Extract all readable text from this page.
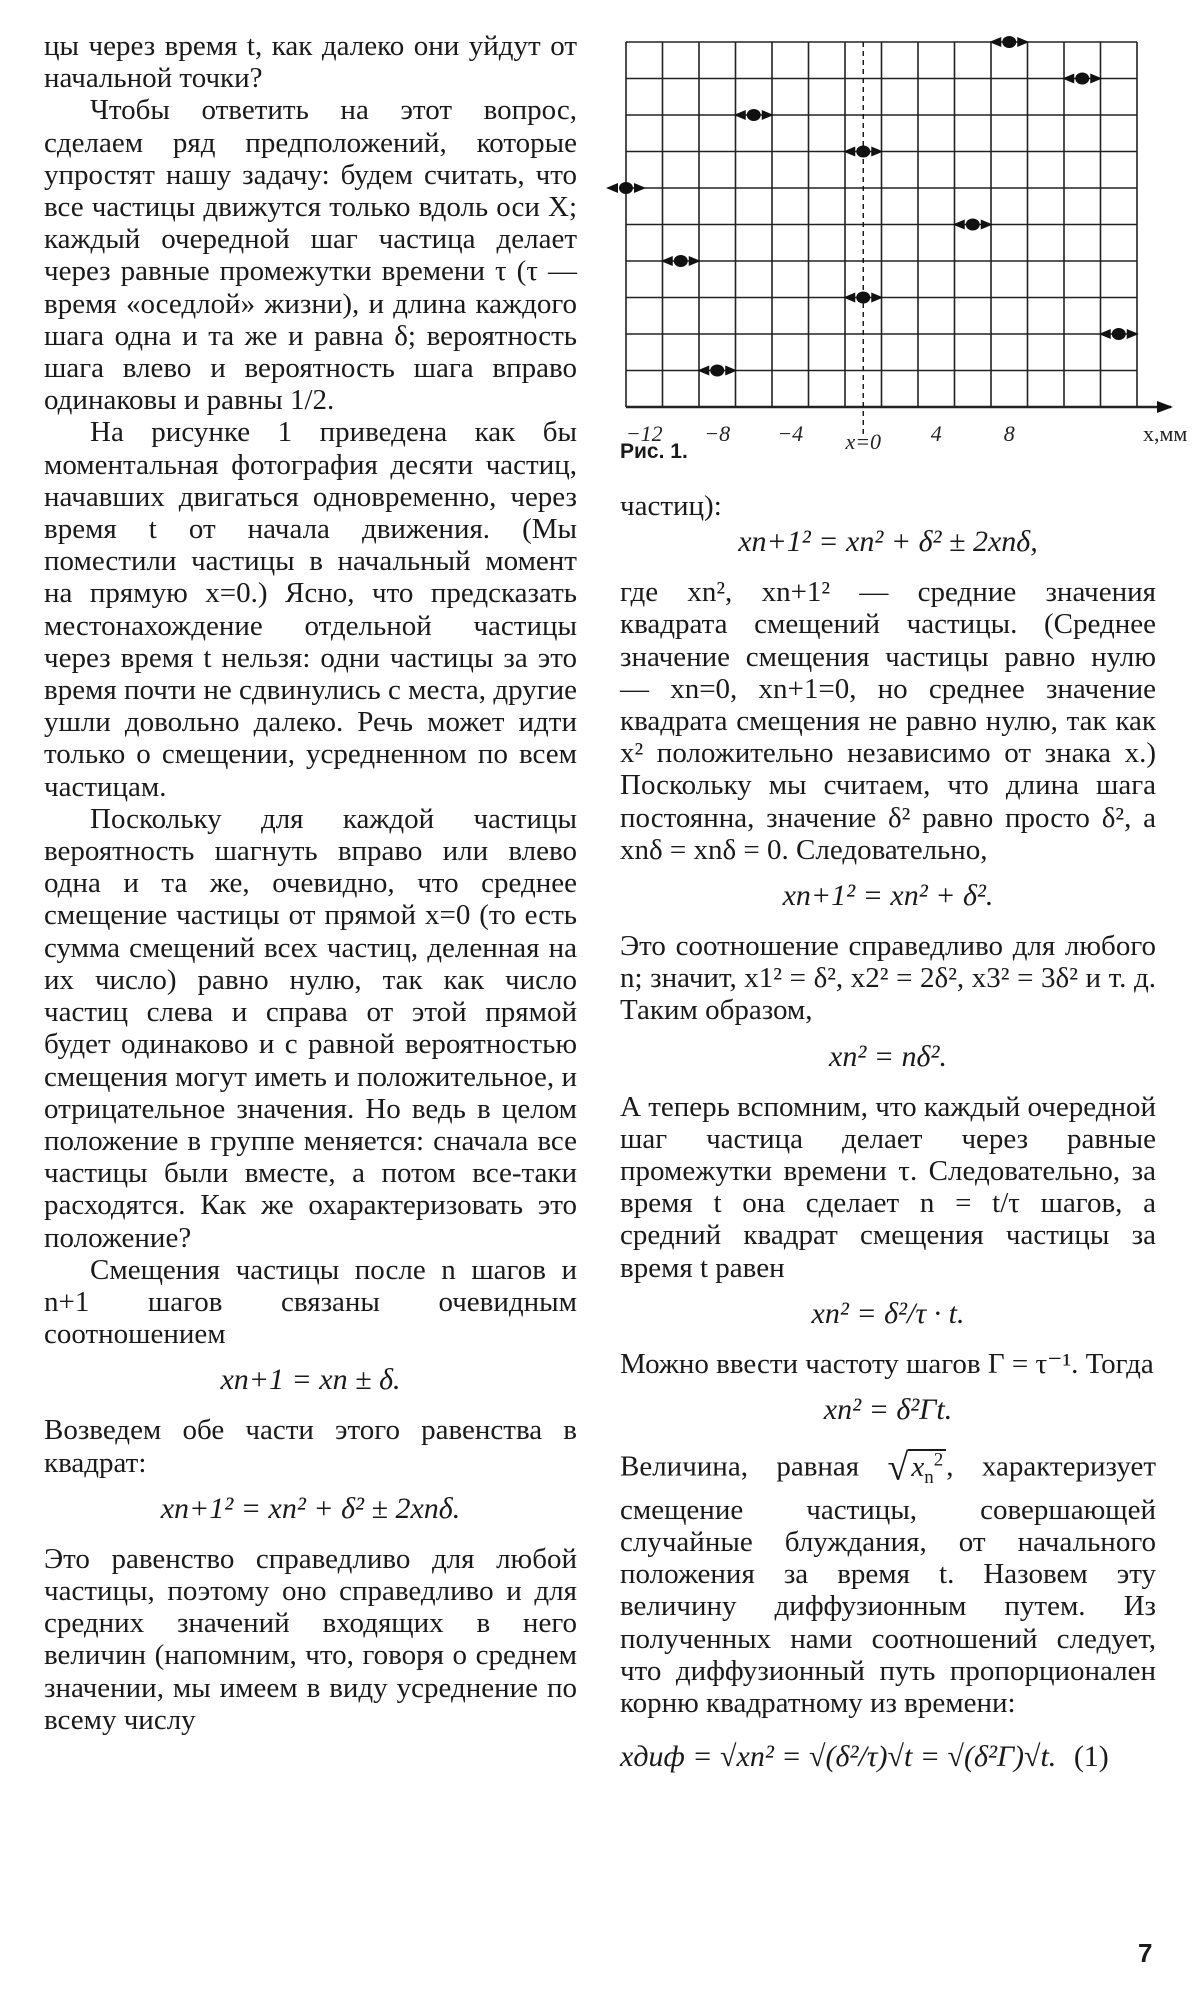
цы через время t, как далеко они уйдут от начальной точки?

Чтобы ответить на этот вопрос, сделаем ряд предположений, которые упростят нашу задачу: будем считать, что все частицы движутся только вдоль оси X; каждый очередной шаг частица делает через равные промежутки времени τ (τ — время «оседлой» жизни), и длина каждого шага одна и та же и равна δ; вероятность шага влево и вероятность шага вправо одинаковы и равны 1/2.

На рисунке 1 приведена как бы моментальная фотография десяти частиц, начавших двигаться одновременно, через время t от начала движения. (Мы поместили частицы в начальный момент на прямую x=0.) Ясно, что предсказать местонахождение отдельной частицы через время t нельзя: одни частицы за это время почти не сдвинулись с места, другие ушли довольно далеко. Речь может идти только о смещении, усредненном по всем частицам.

Поскольку для каждой частицы вероятность шагнуть вправо или влево одна и та же, очевидно, что среднее смещение частицы от прямой x=0 (то есть сумма смещений всех частиц, деленная на их число) равно нулю, так как число частиц слева и справа от этой прямой будет одинаково и с равной вероятностью смещения могут иметь и положительное, и отрицательное значения. Но ведь в целом положение в группе меняется: сначала все частицы были вместе, а потом все-таки расходятся. Как же охарактеризовать это положение?

Смещения частицы после n шагов и n+1 шагов связаны очевидным соотношением

xn+1 = xn ± δ.

Возведем обе части этого равенства в квадрат:

xn+1² = xn² + δ² ± 2xnδ.

Это равенство справедливо для любой частицы, поэтому оно справедливо и для средних значений входящих в него величин (напомним, что, говоря о среднем значении, мы имеем в виду усреднение по всему числу

−12 −8 −4	4	8
x=0	x,мм

Рис. 1.

частиц):

xn+1² = xn² + δ² ± 2xnδ,

где xn², xn+1² — средние значения квадрата смещений частицы. (Среднее значение смещения частицы равно нулю — xn=0, xn+1=0, но среднее значение квадрата смещения не равно нулю, так как x² положительно независимо от знака x.) Поскольку мы считаем, что длина шага постоянна, значение δ² равно просто δ², а xnδ = xnδ = 0. Следовательно,

xn+1² = xn² + δ².

Это соотношение справедливо для любого n; значит, x1² = δ², x2² = 2δ², x3² = 3δ² и т. д. Таким образом,

xn² = nδ².

А теперь вспомним, что каждый очередной шаг частица делает через равные промежутки времени τ. Следовательно, за время t она сделает n = t/τ шагов, а средний квадрат смещения частицы за время t равен

xn² = δ²/τ · t.

Можно ввести частоту шагов Γ = τ⁻¹. Тогда

xn² = δ²Γt.

Величина, равная √ $x_n^2$ , характеризует смещение частицы, совершающей случайные блуждания, от начального положения за время t. Назовем эту величину диффузионным путем. Из полученных нами соотношений следует, что диффузионный путь пропорционален корню квадратному из времени:

xдиф = √xn² = √(δ²/τ)√t = √(δ²Γ)√t. (1)
7
